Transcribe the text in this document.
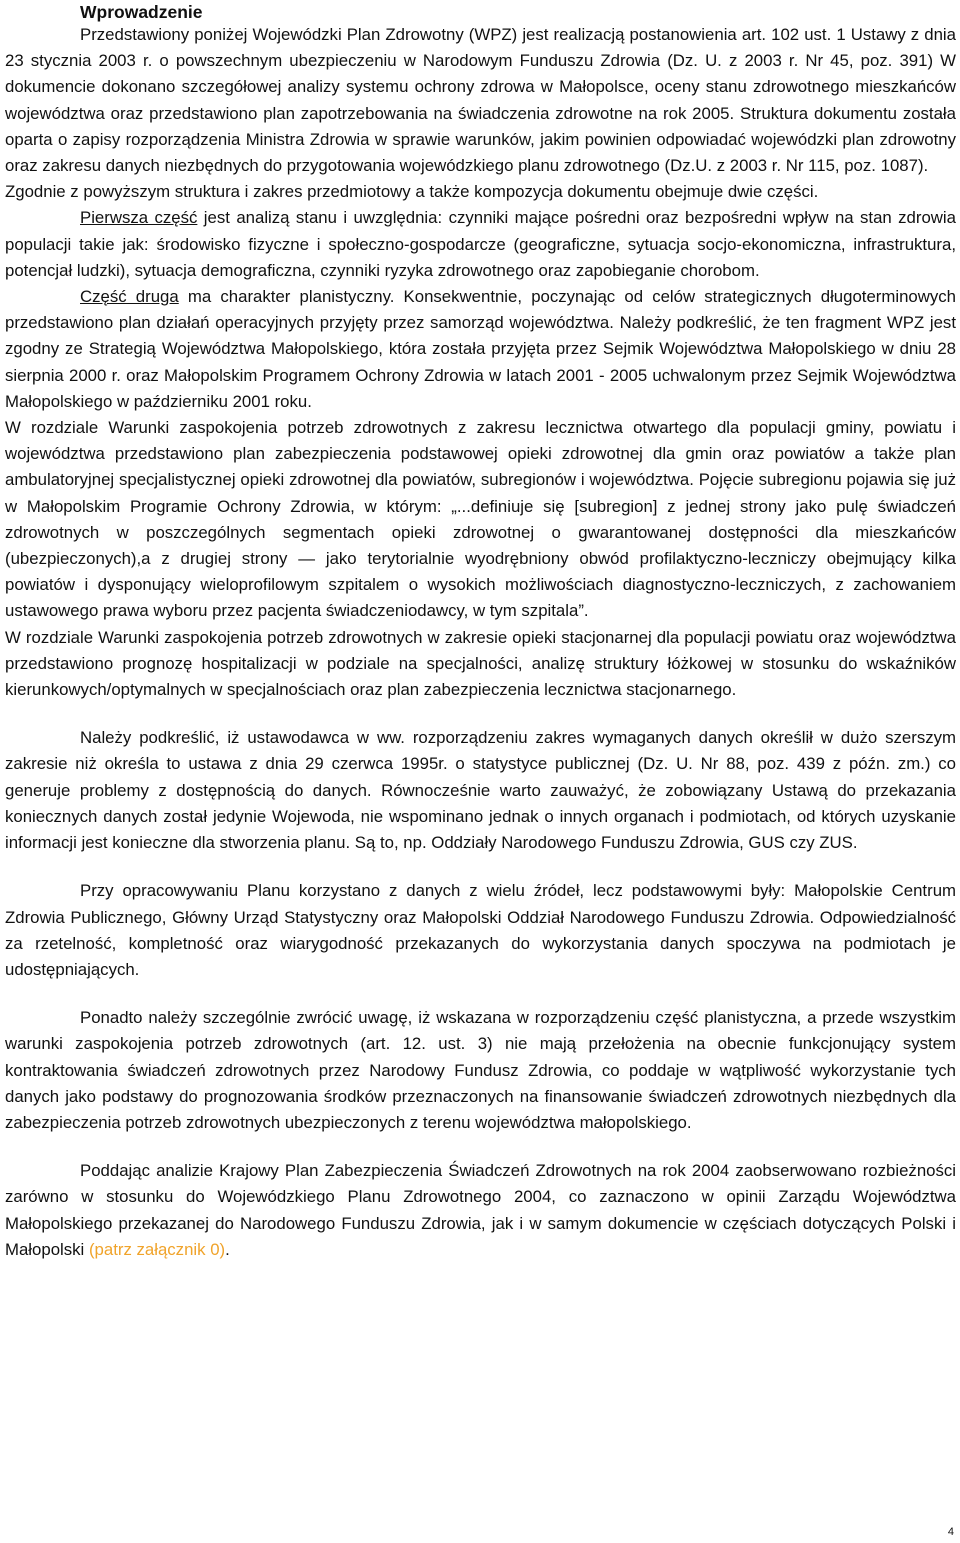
Wprowadzenie

Przedstawiony poniżej Wojewódzki Plan Zdrowotny (WPZ) jest realizacją postanowienia art. 102 ust. 1 Ustawy z dnia 23 stycznia 2003 r. o powszechnym ubezpieczeniu w Narodowym Funduszu Zdrowia (Dz. U. z 2003 r. Nr 45, poz. 391) W dokumencie dokonano szczegółowej analizy systemu ochrony zdrowa w Małopolsce, oceny stanu zdrowotnego mieszkańców województwa oraz przedstawiono plan zapotrzebowania na świadczenia zdrowotne na rok 2005. Struktura dokumentu została oparta o zapisy rozporządzenia Ministra Zdrowia w sprawie warunków, jakim powinien odpowiadać wojewódzki plan zdrowotny oraz zakresu danych niezbędnych do przygotowania wojewódzkiego planu zdrowotnego (Dz.U. z 2003 r. Nr 115, poz. 1087).

Zgodnie z powyższym struktura i zakres przedmiotowy a także kompozycja dokumentu obejmuje dwie części.

Pierwsza część jest analizą stanu i uwzględnia: czynniki mające pośredni oraz bezpośredni wpływ na stan zdrowia populacji takie jak: środowisko fizyczne i społeczno-gospodarcze (geograficzne, sytuacja socjo-ekonomiczna, infrastruktura, potencjał ludzki), sytuacja demograficzna, czynniki ryzyka zdrowotnego oraz zapobieganie chorobom.

Część druga ma charakter planistyczny. Konsekwentnie, poczynając od celów strategicznych długoterminowych przedstawiono plan działań operacyjnych przyjęty przez samorząd województwa. Należy podkreślić, że ten fragment WPZ jest zgodny ze Strategią Województwa Małopolskiego, która została przyjęta przez Sejmik Województwa Małopolskiego w dniu 28 sierpnia 2000 r. oraz Małopolskim Programem Ochrony Zdrowia w latach 2001 - 2005 uchwalonym przez Sejmik Województwa Małopolskiego w październiku 2001 roku.

W rozdziale Warunki zaspokojenia potrzeb zdrowotnych z zakresu lecznictwa otwartego dla populacji gminy, powiatu i województwa przedstawiono plan zabezpieczenia podstawowej opieki zdrowotnej dla gmin oraz powiatów a także plan ambulatoryjnej specjalistycznej opieki zdrowotnej dla powiatów, subregionów i województwa. Pojęcie subregionu pojawia się już w Małopolskim Programie Ochrony Zdrowia, w którym: „...definiuje się [subregion] z jednej strony jako pulę świadczeń zdrowotnych w poszczególnych segmentach opieki zdrowotnej o gwarantowanej dostępności dla mieszkańców (ubezpieczonych),a z drugiej strony — jako terytorialnie wyodrębniony obwód profilaktyczno-leczniczy obejmujący kilka powiatów i dysponujący wieloprofilowym szpitalem o wysokich możliwościach diagnostyczno-leczniczych, z zachowaniem ustawowego prawa wyboru przez pacjenta świadczeniodawcy, w tym szpitala”.

W rozdziale Warunki zaspokojenia potrzeb zdrowotnych w zakresie opieki stacjonarnej dla populacji powiatu oraz województwa przedstawiono prognozę hospitalizacji w podziale na specjalności, analizę struktury łóżkowej w stosunku do wskaźników kierunkowych/optymalnych w specjalnościach oraz plan zabezpieczenia lecznictwa stacjonarnego.

Należy podkreślić, iż ustawodawca w ww. rozporządzeniu zakres wymaganych danych określił w dużo szerszym zakresie niż określa to ustawa z dnia 29 czerwca 1995r. o statystyce publicznej (Dz. U. Nr 88, poz. 439 z późn. zm.) co generuje problemy z dostępnością do danych. Równocześnie warto zauważyć, że zobowiązany Ustawą do przekazania koniecznych danych został jedynie Wojewoda, nie wspominano jednak o innych organach i podmiotach, od których uzyskanie informacji jest konieczne dla stworzenia planu. Są to, np. Oddziały Narodowego Funduszu Zdrowia, GUS czy ZUS.

Przy opracowywaniu Planu korzystano z danych z wielu źródeł, lecz podstawowymi były: Małopolskie Centrum Zdrowia Publicznego, Główny Urząd Statystyczny oraz Małopolski Oddział Narodowego Funduszu Zdrowia. Odpowiedzialność za rzetelność, kompletność oraz wiarygodność przekazanych do wykorzystania danych spoczywa na podmiotach je udostępniających.

Ponadto należy szczególnie zwrócić uwagę, iż wskazana w rozporządzeniu część planistyczna, a przede wszystkim warunki zaspokojenia potrzeb zdrowotnych (art. 12. ust. 3) nie mają przełożenia na obecnie funkcjonujący system kontraktowania świadczeń zdrowotnych przez Narodowy Fundusz Zdrowia, co poddaje w wątpliwość wykorzystanie tych danych jako podstawy do prognozowania środków przeznaczonych na finansowanie świadczeń zdrowotnych niezbędnych dla zabezpieczenia potrzeb zdrowotnych ubezpieczonych z terenu województwa małopolskiego.

Poddając analizie Krajowy Plan Zabezpieczenia Świadczeń Zdrowotnych na rok 2004 zaobserwowano rozbieżności zarówno w stosunku do Wojewódzkiego Planu Zdrowotnego 2004, co zaznaczono w opinii Zarządu Województwa Małopolskiego przekazanej do Narodowego Funduszu Zdrowia, jak i w samym dokumencie w częściach dotyczących Polski i Małopolski (patrz załącznik 0).

4
